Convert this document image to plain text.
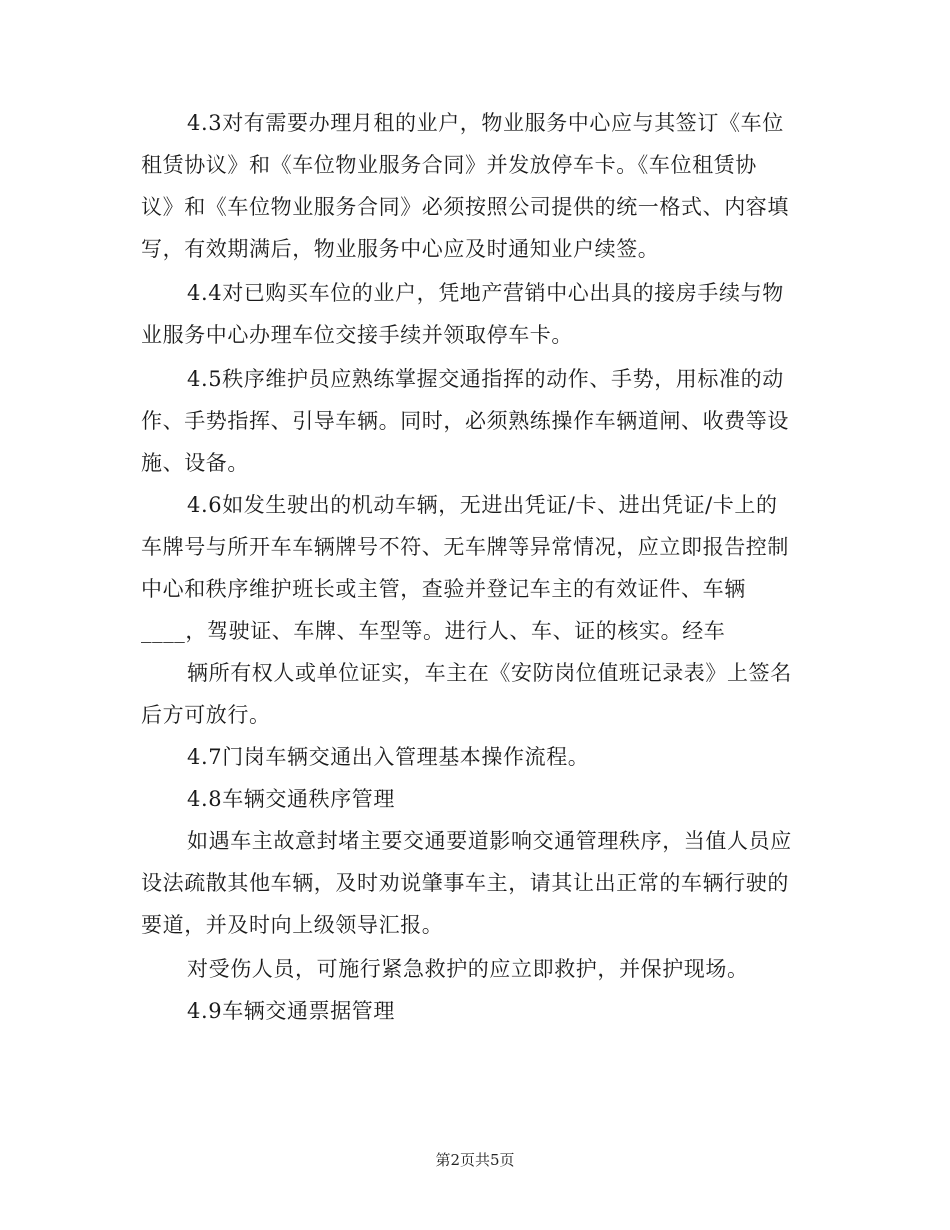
4.3对有需要办理月租的业户，物业服务中心应与其签订《车位
租赁协议》和《车位物业服务合同》并发放停车卡。《车位租赁协
议》和《车位物业服务合同》必须按照公司提供的统一格式、内容填
写，有效期满后，物业服务中心应及时通知业户续签。
4.4对已购买车位的业户，凭地产营销中心出具的接房手续与物
业服务中心办理车位交接手续并领取停车卡。
4.5秩序维护员应熟练掌握交通指挥的动作、手势，用标准的动
作、手势指挥、引导车辆。同时，必须熟练操作车辆道闸、收费等设
施、设备。
4.6如发生驶出的机动车辆，无进出凭证/卡、进出凭证/卡上的
车牌号与所开车车辆牌号不符、无车牌等异常情况，应立即报告控制
中心和秩序维护班长或主管，查验并登记车主的有效证件、车辆
____，驾驶证、车牌、车型等。进行人、车、证的核实。经车
辆所有权人或单位证实，车主在《安防岗位值班记录表》上签名
后方可放行。
4.7门岗车辆交通出入管理基本操作流程。
4.8车辆交通秩序管理
如遇车主故意封堵主要交通要道影响交通管理秩序，当值人员应
设法疏散其他车辆，及时劝说肇事车主，请其让出正常的车辆行驶的
要道，并及时向上级领导汇报。
对受伤人员，可施行紧急救护的应立即救护，并保护现场。
4.9车辆交通票据管理
第2页共5页
